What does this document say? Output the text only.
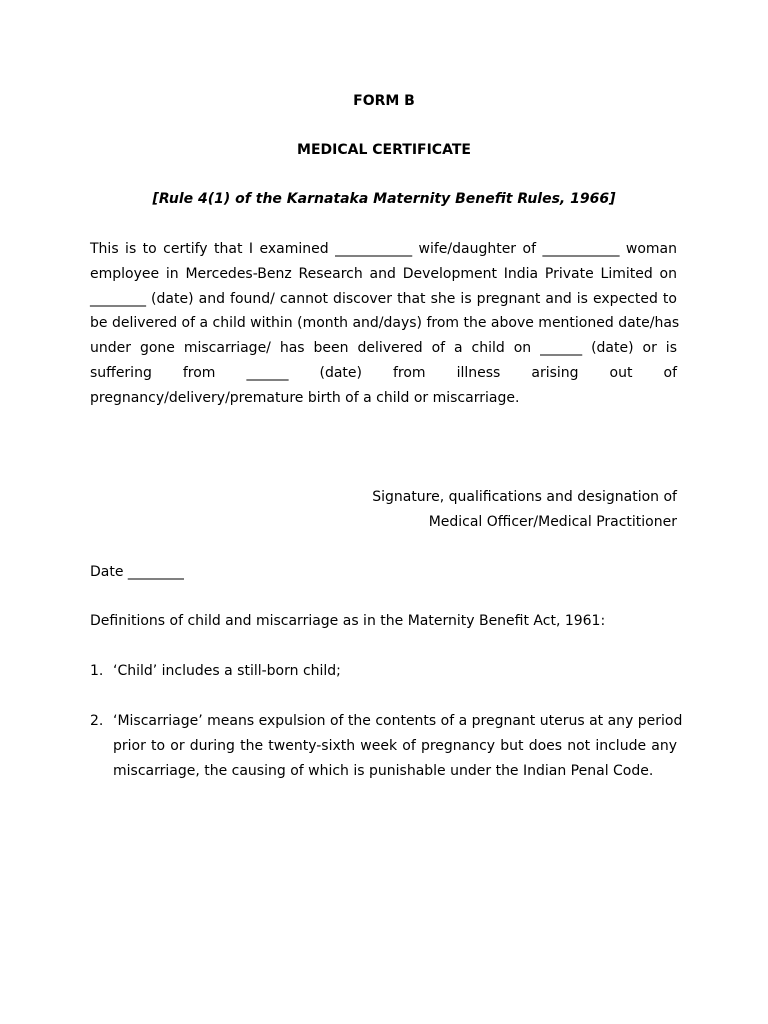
FORM B

MEDICAL CERTIFICATE

[Rule 4(1) of the Karnataka Maternity Benefit Rules, 1966]

This is to certify that I examined ___________ wife/daughter of ___________ woman
employee in Mercedes-Benz Research and Development India Private Limited on
________ (date) and found/ cannot discover that she is pregnant and is expected to
be delivered of a child within (month and/days) from the above mentioned date/has
under gone miscarriage/ has been delivered of a child on ______ (date) or is
suffering from ______ (date) from illness arising out of
pregnancy/delivery/premature birth of a child or miscarriage.
Signature, qualifications and designation of
Medical Officer/Medical Practitioner

Date ________

Definitions of child and miscarriage as in the Maternity Benefit Act, 1961:

1. ‘Child’ includes a still-born child;
2. ‘Miscarriage’ means expulsion of the contents of a pregnant uterus at any period
prior to or during the twenty-sixth week of pregnancy but does not include any
miscarriage, the causing of which is punishable under the Indian Penal Code.
